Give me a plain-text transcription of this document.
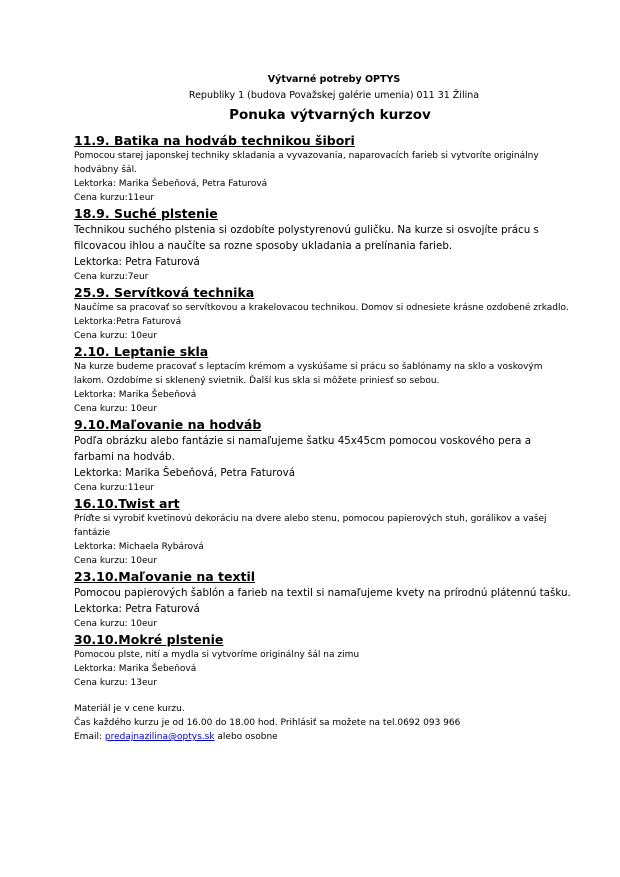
Výtvarné potreby OPTYS
Republiky 1 (budova Považskej galérie umenia) 011 31 Žilina
Ponuka výtvarných kurzov
11.9. Batika na hodváb technikou šibori
Pomocou starej japonskej techniky skladania a vyvazovania, naparovacích farieb si vytvoríte originálny hodvábny šál.
Lektorka: Marika Šebeňová, Petra Faturová
Cena kurzu:11eur
18.9. Suché plstenie
Technikou suchého plstenia si ozdobíte polystyrenovú guličku. Na kurze si osvojíte prácu s filcovacou ihlou a naučíte sa rozne sposoby ukladania a prelínania farieb.
Lektorka: Petra Faturová
Cena kurzu:7eur
25.9. Servítková technika
Naučíme sa pracovať so servítkovou a krakelovacou technikou. Domov si odnesiete krásne ozdobené zrkadlo.
Lektorka:Petra Faturová
Cena kurzu: 10eur
2.10. Leptanie skla
Na kurze budeme pracovať s leptacím krémom a vyskúšame si prácu so šablónamy na sklo a voskovým lakom. Ozdobíme si sklenený svietnik. Ďalší kus skla si môžete priniesť so sebou.
Lektorka: Marika Šebeňová
Cena kurzu: 10eur
9.10.Maľovanie na hodváb
Podľa obrázku alebo fantázie si namaľujeme šatku 45x45cm pomocou voskového pera a farbami na hodváb.
Lektorka: Marika Šebeňová, Petra Faturová
Cena kurzu:11eur
16.10.Twist art
Príďte si vyrobiť kvetinovú dekoráciu na dvere alebo stenu, pomocou papierových stuh, gorálikov a vašej fantázie
Lektorka: Michaela Rybárová
Cena kurzu: 10eur
23.10.Maľovanie na textil
Pomocou papierových šablón a farieb na textil si namaľujeme kvety na prírodnú plátennú tašku.
Lektorka: Petra Faturová
Cena kurzu: 10eur
30.10.Mokré plstenie
Pomocou plste, nití a mydla si vytvoríme originálny šál na zimu
Lektorka: Marika Šebeňová
Cena kurzu: 13eur
Materiál je v cene kurzu.
Čas každého kurzu je od 16.00 do 18.00 hod. Prihlásiť sa možete na tel.0692 093 966
Email: predajnazilina@optys.sk alebo osobne
